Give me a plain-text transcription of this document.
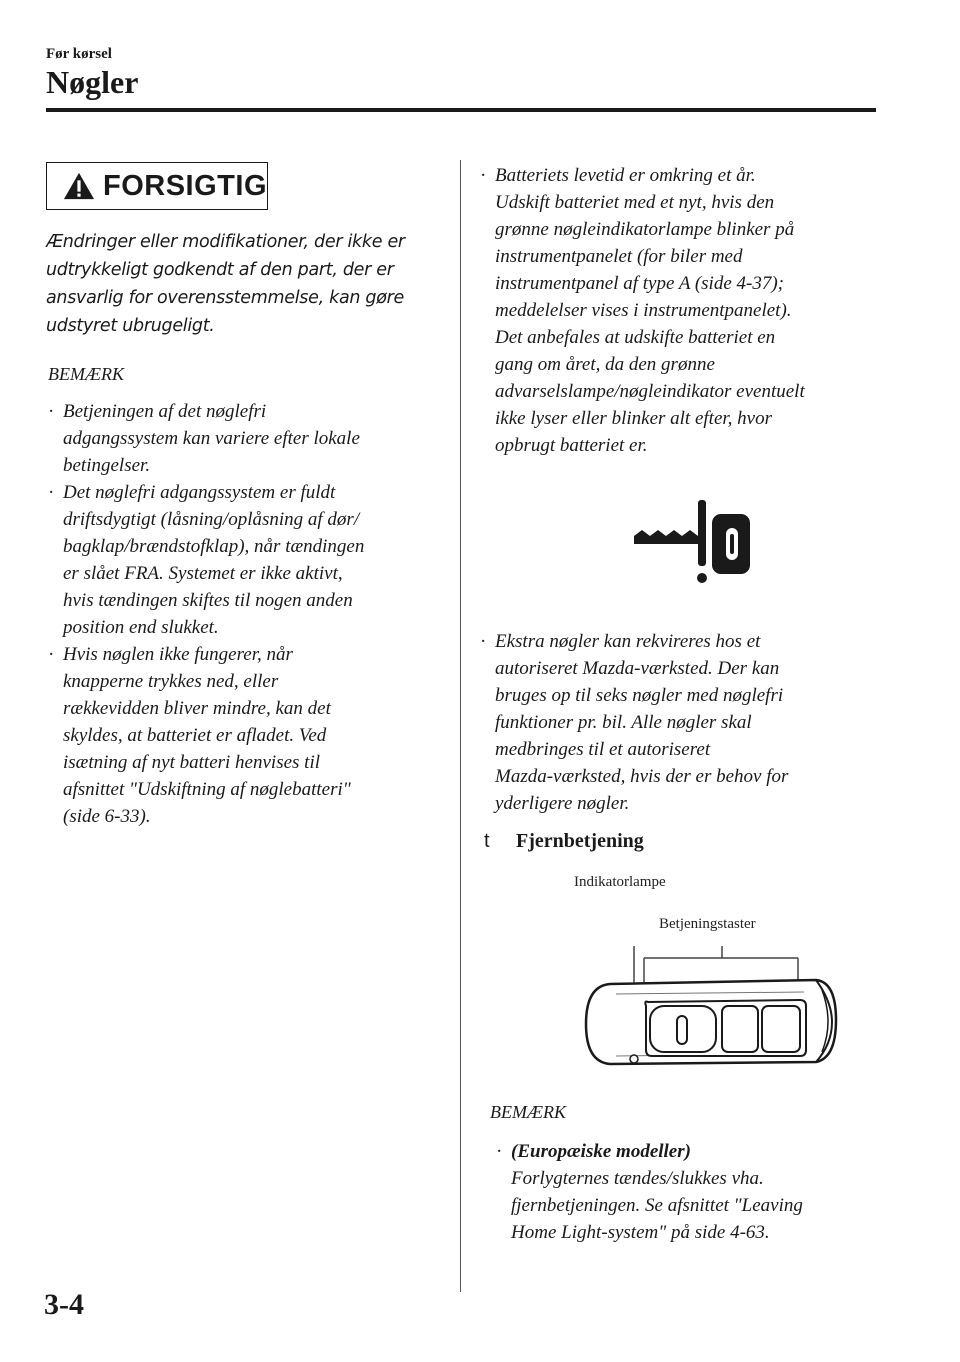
Før kørsel
Nøgler
FORSIGTIG
Ændringer eller modifikationer, der ikke er udtrykkeligt godkendt af den part, der er ansvarlig for overensstemmelse, kan gøre udstyret ubrugeligt.
BEMÆRK
· Betjeningen af det nøglefri
adgangssystem kan variere efter lokale
betingelser.
· Det nøglefri adgangssystem er fuldt
driftsdygtigt (låsning/oplåsning af dør/
bagklap/brændstofklap), når tændingen
er slået FRA. Systemet er ikke aktivt,
hvis tændingen skiftes til nogen anden
position end slukket.
· Hvis nøglen ikke fungerer, når
knapperne trykkes ned, eller
rækkevidden bliver mindre, kan det
skyldes, at batteriet er afladet. Ved
isætning af nyt batteri henvises til
afsnittet "Udskiftning af nøglebatteri"
(side 6-33).
· Batteriets levetid er omkring et år.
Udskift batteriet med et nyt, hvis den
grønne nøgleindikatorlampe blinker på
instrumentpanelet (for biler med
instrumentpanel af type A (side 4-37);
meddelelser vises i instrumentpanelet).
Det anbefales at udskifte batteriet en
gang om året, da den grønne
advarselslampe/nøgleindikator eventuelt
ikke lyser eller blinker alt efter, hvor
opbrugt batteriet er.
· Ekstra nøgler kan rekvireres hos et
autoriseret Mazda-værksted. Der kan
bruges op til seks nøgler med nøglefri
funktioner pr. bil. Alle nøgler skal
medbringes til et autoriseret
Mazda-værksted, hvis der er behov for
yderligere nøgler.
t	Fjernbetjening
Indikatorlampe
Betjeningstaster
BEMÆRK
· (Europæiske modeller)
Forlygternes tændes/slukkes vha.
fjernbetjeningen. Se afsnittet "Leaving
Home Light-system" på side 4-63.
3-4
